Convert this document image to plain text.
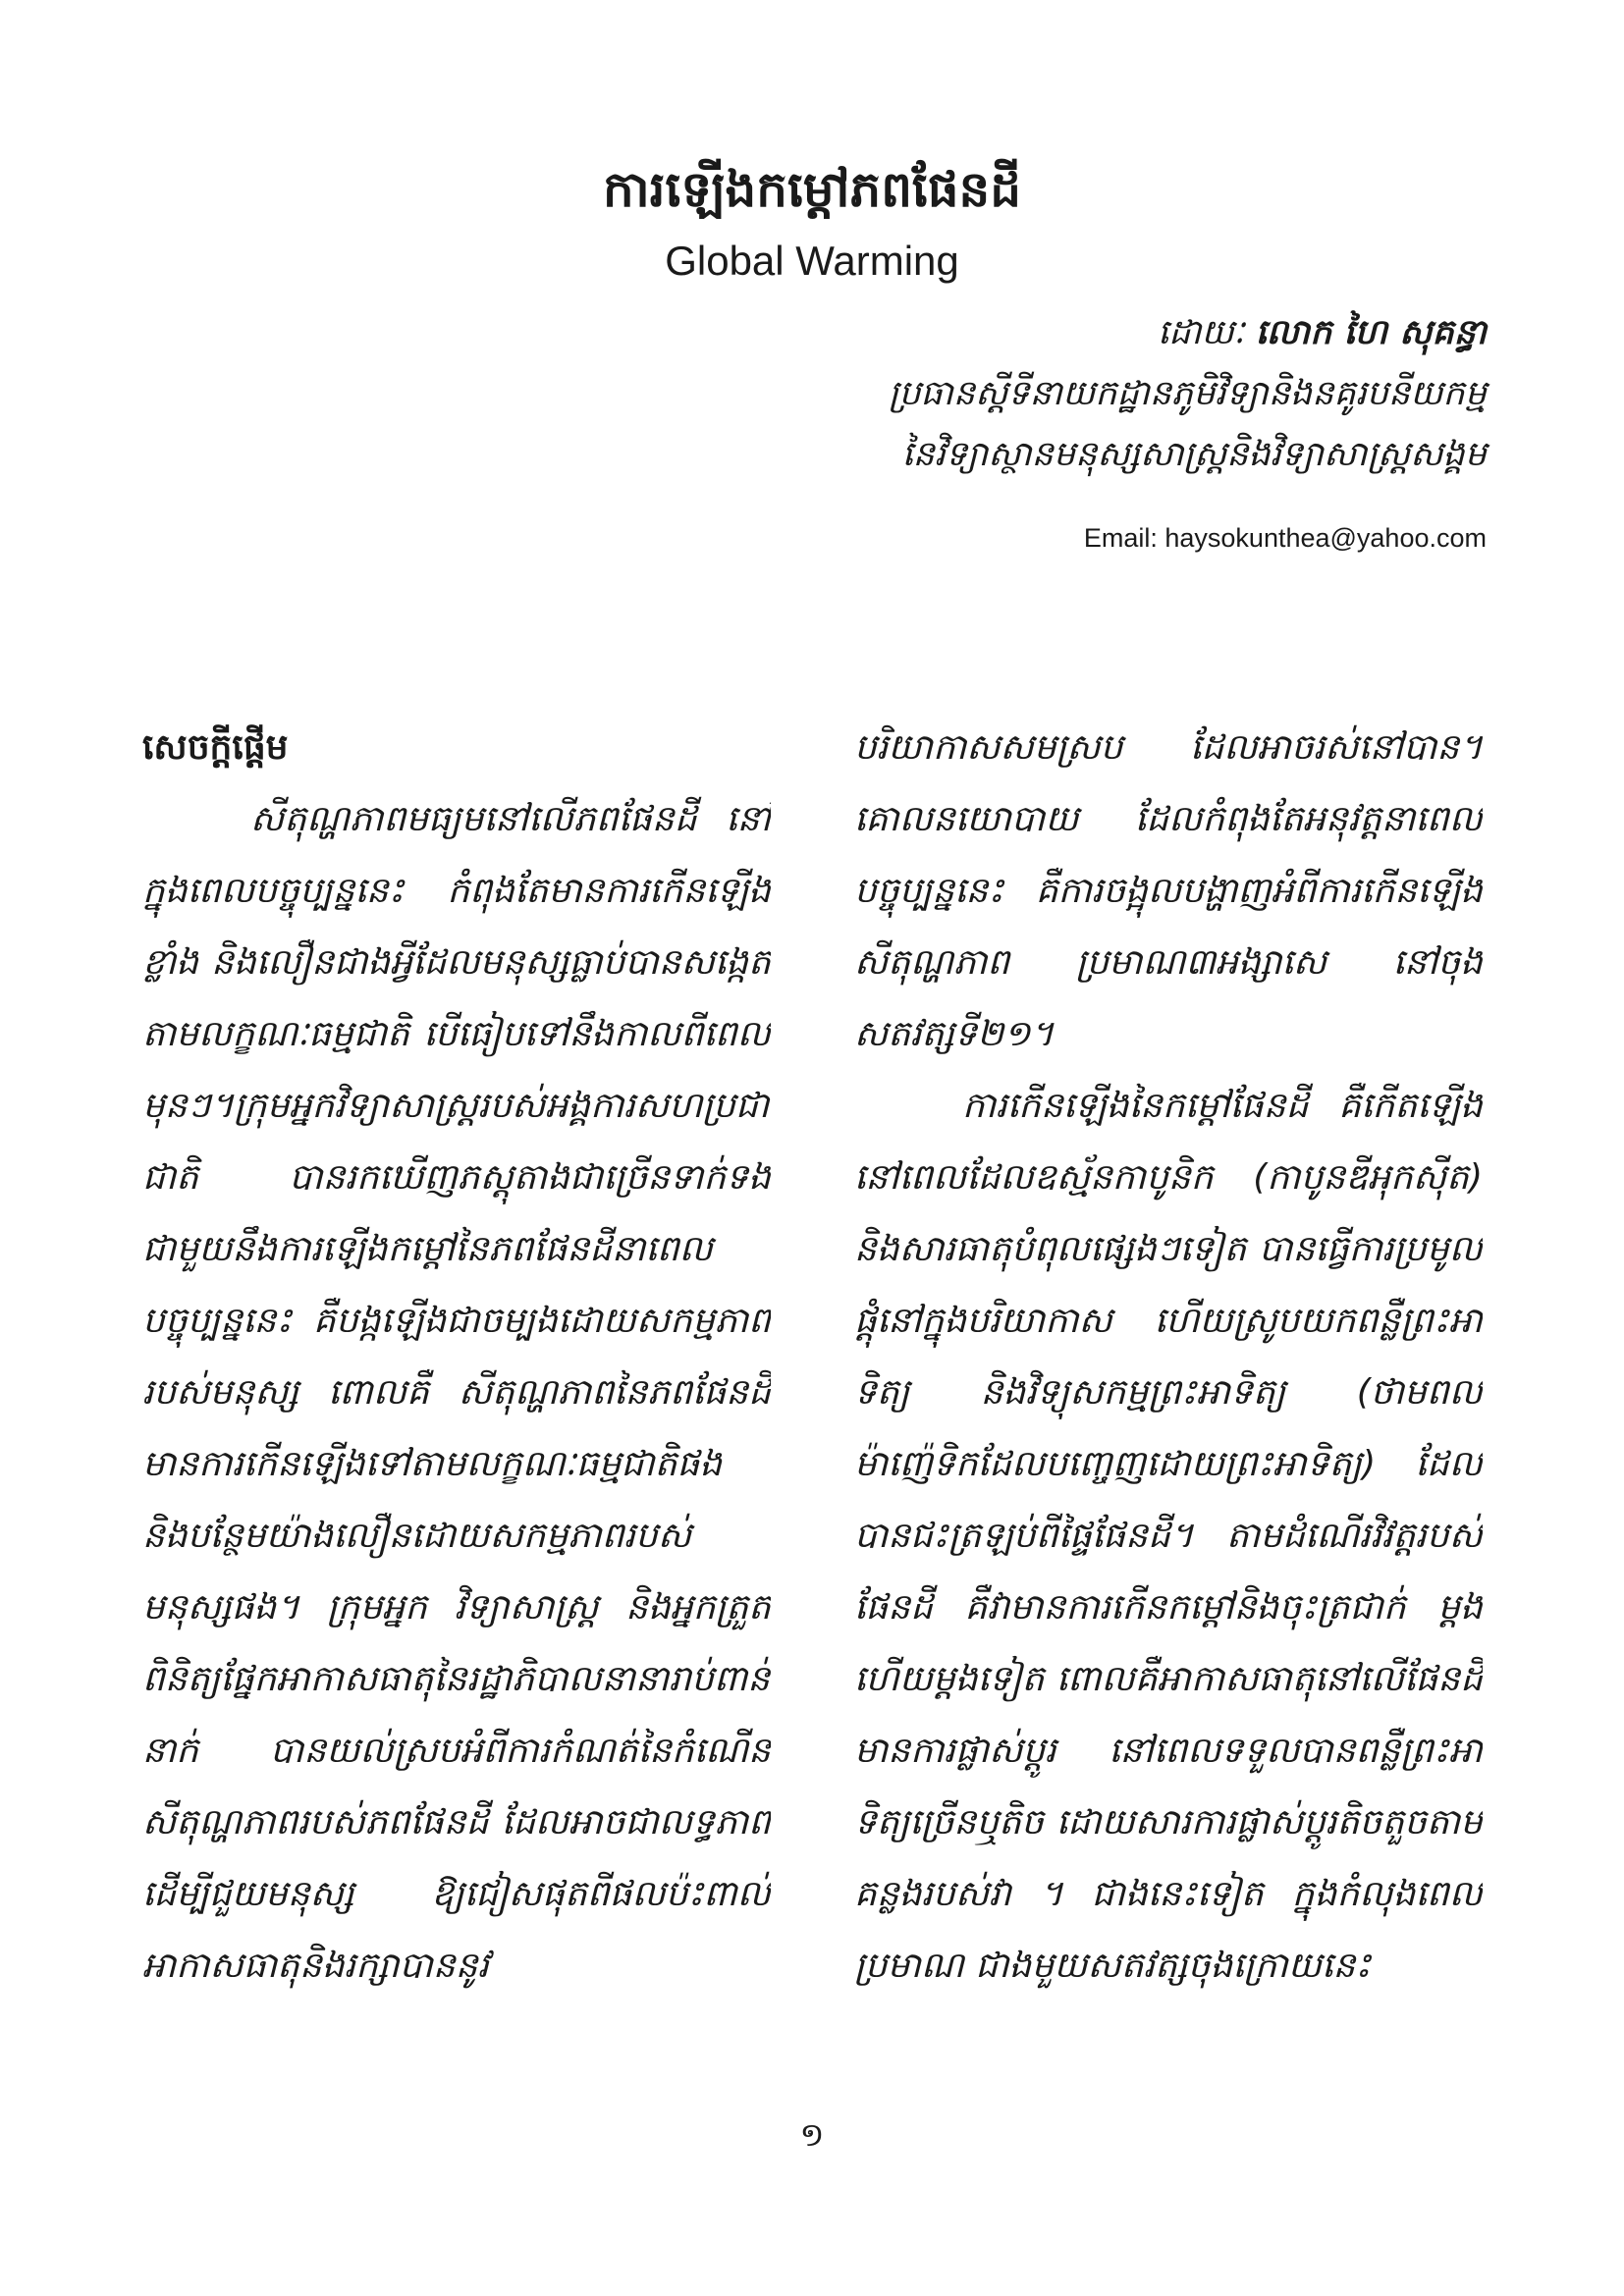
ការឡើងកម្ដៅភពផែនដី
Global Warming
ដោយៈ លោក ហៃ សុគន្ធា
ប្រធានស្តីទីនាយកដ្ឋានភូមិវិទ្យានិងនគូរបនីយកម្ម
នៃវិទ្យាស្ថានមនុស្សសាស្ត្រនិងវិទ្យាសាស្ត្រសង្គម
Email: haysokunthea@yahoo.com
សេចក្តីផ្ដើម

សីតុណ្ហភាពមធ្យមនៅលើភពផែនដី នៅក្នុងពេលបច្ចុប្បន្ននេះ កំពុងតែមានការកើនឡើងខ្លាំង និងលឿនជាងអ្វីដែលមនុស្សធ្លាប់បានសង្កេតតាមលក្ខណៈធម្មជាតិ បើធៀបទៅនឹងកាលពីពេលមុនៗ។ក្រុមអ្នកវិទ្យាសាស្ត្ររបស់អង្គការសហប្រជាជាតិ បានរកឃើញភស្តុតាងជាច្រើនទាក់ទងជាមួយនឹងការឡើងកម្ដៅនៃភពផែនដីនាពេលបច្ចុប្បន្ននេះ គឺបង្កឡើងជាចម្បងដោយសកម្មភាពរបស់មនុស្ស ពោលគឺ សីតុណ្ហភាពនៃភពផែនដី មានការកើនឡើងទៅតាមលក្ខណៈធម្មជាតិផង និងបន្ថែមយ៉ាងលឿនដោយសកម្មភាពរបស់មនុស្សផង។ ក្រុមអ្នក វិទ្យាសាស្ត្រ និងអ្នកត្រួតពិនិត្យផ្នែកអាកាសធាតុនៃរដ្ឋាភិបាលនានារាប់ពាន់នាក់ បានយល់ស្របអំពីការកំណត់នៃកំណើនសីតុណ្ហភាពរបស់ភពផែនដី ដែលអាចជាលទ្ធភាពដើម្បីជួយមនុស្ស ឱ្យជៀសផុតពីផលប៉ះពាល់អាកាសធាតុនិងរក្សាបាននូវ

បរិយាកាសសមស្រប ដែលអាចរស់នៅបាន។ គោលនយោបាយ ដែលកំពុងតែអនុវត្តនាពេលបច្ចុប្បន្ននេះ គឺការចង្អុលបង្ហាញអំពីការកើនឡើងសីតុណ្ហភាព ប្រមាណ៣អង្សាសេ នៅចុងសតវត្សទី២១។

ការកើនឡើងនៃកម្ដៅផែនដី គឺកើតឡើងនៅពេលដែលឧស្ម័នកាបូនិក (កាបូនឌីអុកស៊ីត) និងសារធាតុបំពុលផ្សេងៗទៀត បានធ្វើការប្រមូលផ្ដុំនៅក្នុងបរិយាកាស ហើយស្រូបយកពន្លឺព្រះអាទិត្យ និងវិទ្យុសកម្មព្រះអាទិត្យ (ថាមពលម៉ាញ៉េទិកដែលបញ្ចេញដោយព្រះអាទិត្យ) ដែលបានជះត្រឡប់ពីផ្ទៃផែនដី។ តាមដំណើរវិវត្តរបស់ផែនដី គឺវាមានការកើនកម្ដៅនិងចុះត្រជាក់ ម្ដងហើយម្ដងទៀត ពោលគឺអាកាសធាតុនៅលើផែនដី មានការផ្លាស់ប្ដូរ នៅពេលទទួលបានពន្លឺព្រះអាទិត្យច្រើនឬតិច ដោយសារការផ្លាស់ប្ដូរតិចតួចតាមគន្លងរបស់វា ។ ជាងនេះទៀត ក្នុងកំលុងពេលប្រមាណ ជាងមួយសតវត្សចុងក្រោយនេះ

១
